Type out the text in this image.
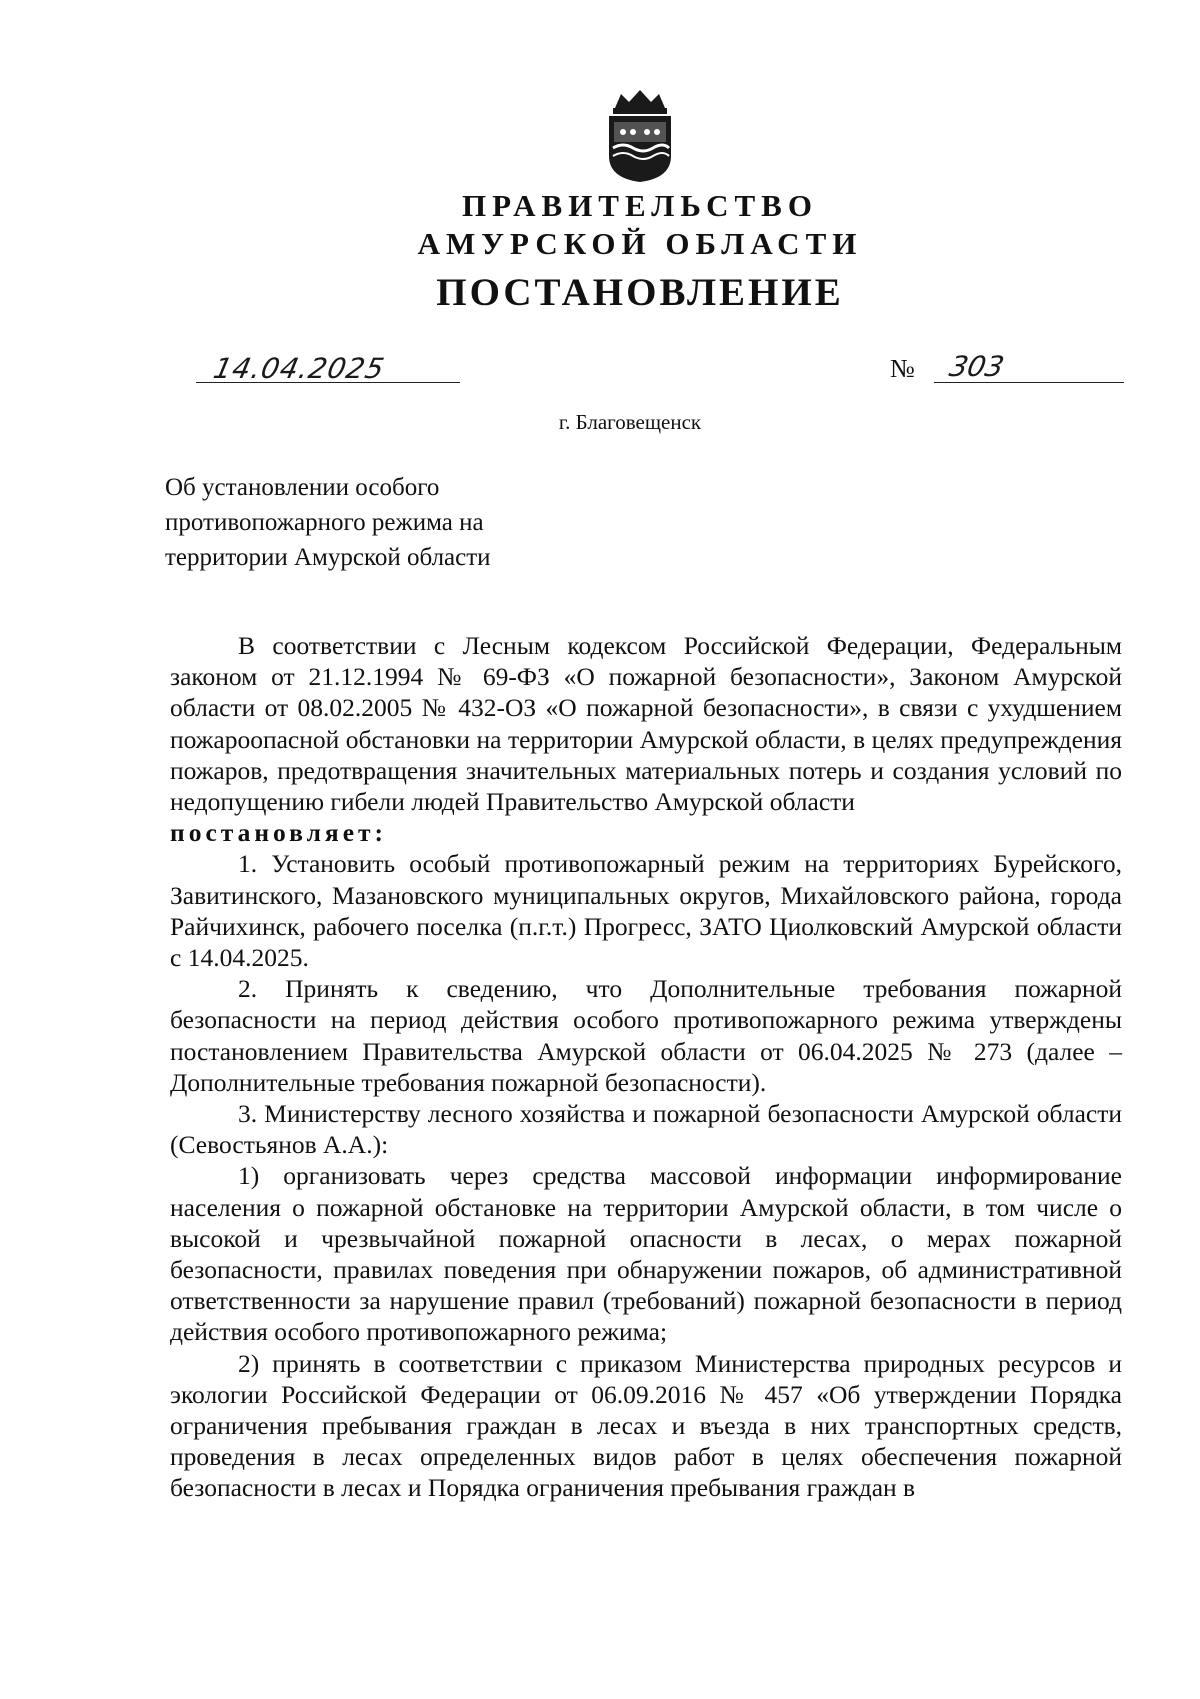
ПРАВИТЕЛЬСТВО
АМУРСКОЙ ОБЛАСТИ
ПОСТАНОВЛЕНИЕ
14.04.2025	№ 303
г. Благовещенск
Об установлении особого
противопожарного режима на
территории Амурской области

В соответствии с Лесным кодексом Российской Федерации, Федеральным законом от 21.12.1994 № 69-ФЗ «О пожарной безопасности», Законом Амурской области от 08.02.2005 № 432-ОЗ «О пожарной безопасности», в связи с ухудшением пожароопасной обстановки на территории Амурской области, в целях предупреждения пожаров, предотвращения значительных материальных потерь и создания условий по недопущению гибели людей Правительство Амурской области

постановляет:

1. Установить особый противопожарный режим на территориях Бурейского, Завитинского, Мазановского муниципальных округов, Михайловского района, города Райчихинск, рабочего поселка (п.г.т.) Прогресс, ЗАТО Циолковский Амурской области с 14.04.2025.

2. Принять к сведению, что Дополнительные требования пожарной безопасности на период действия особого противопожарного режима утверждены постановлением Правительства Амурской области от 06.04.2025 № 273 (далее – Дополнительные требования пожарной безопасности).

3. Министерству лесного хозяйства и пожарной безопасности Амурской области (Севостьянов А.А.):

1) организовать через средства массовой информации информирование населения о пожарной обстановке на территории Амурской области, в том числе о высокой и чрезвычайной пожарной опасности в лесах, о мерах пожарной безопасности, правилах поведения при обнаружении пожаров, об административной ответственности за нарушение правил (требований) пожарной безопасности в период действия особого противопожарного режима;

2) принять в соответствии с приказом Министерства природных ресурсов и экологии Российской Федерации от 06.09.2016 № 457 «Об утверждении Порядка ограничения пребывания граждан в лесах и въезда в них транспортных средств, проведения в лесах определенных видов работ в целях обеспечения пожарной безопасности в лесах и Порядка ограничения пребывания граждан в
